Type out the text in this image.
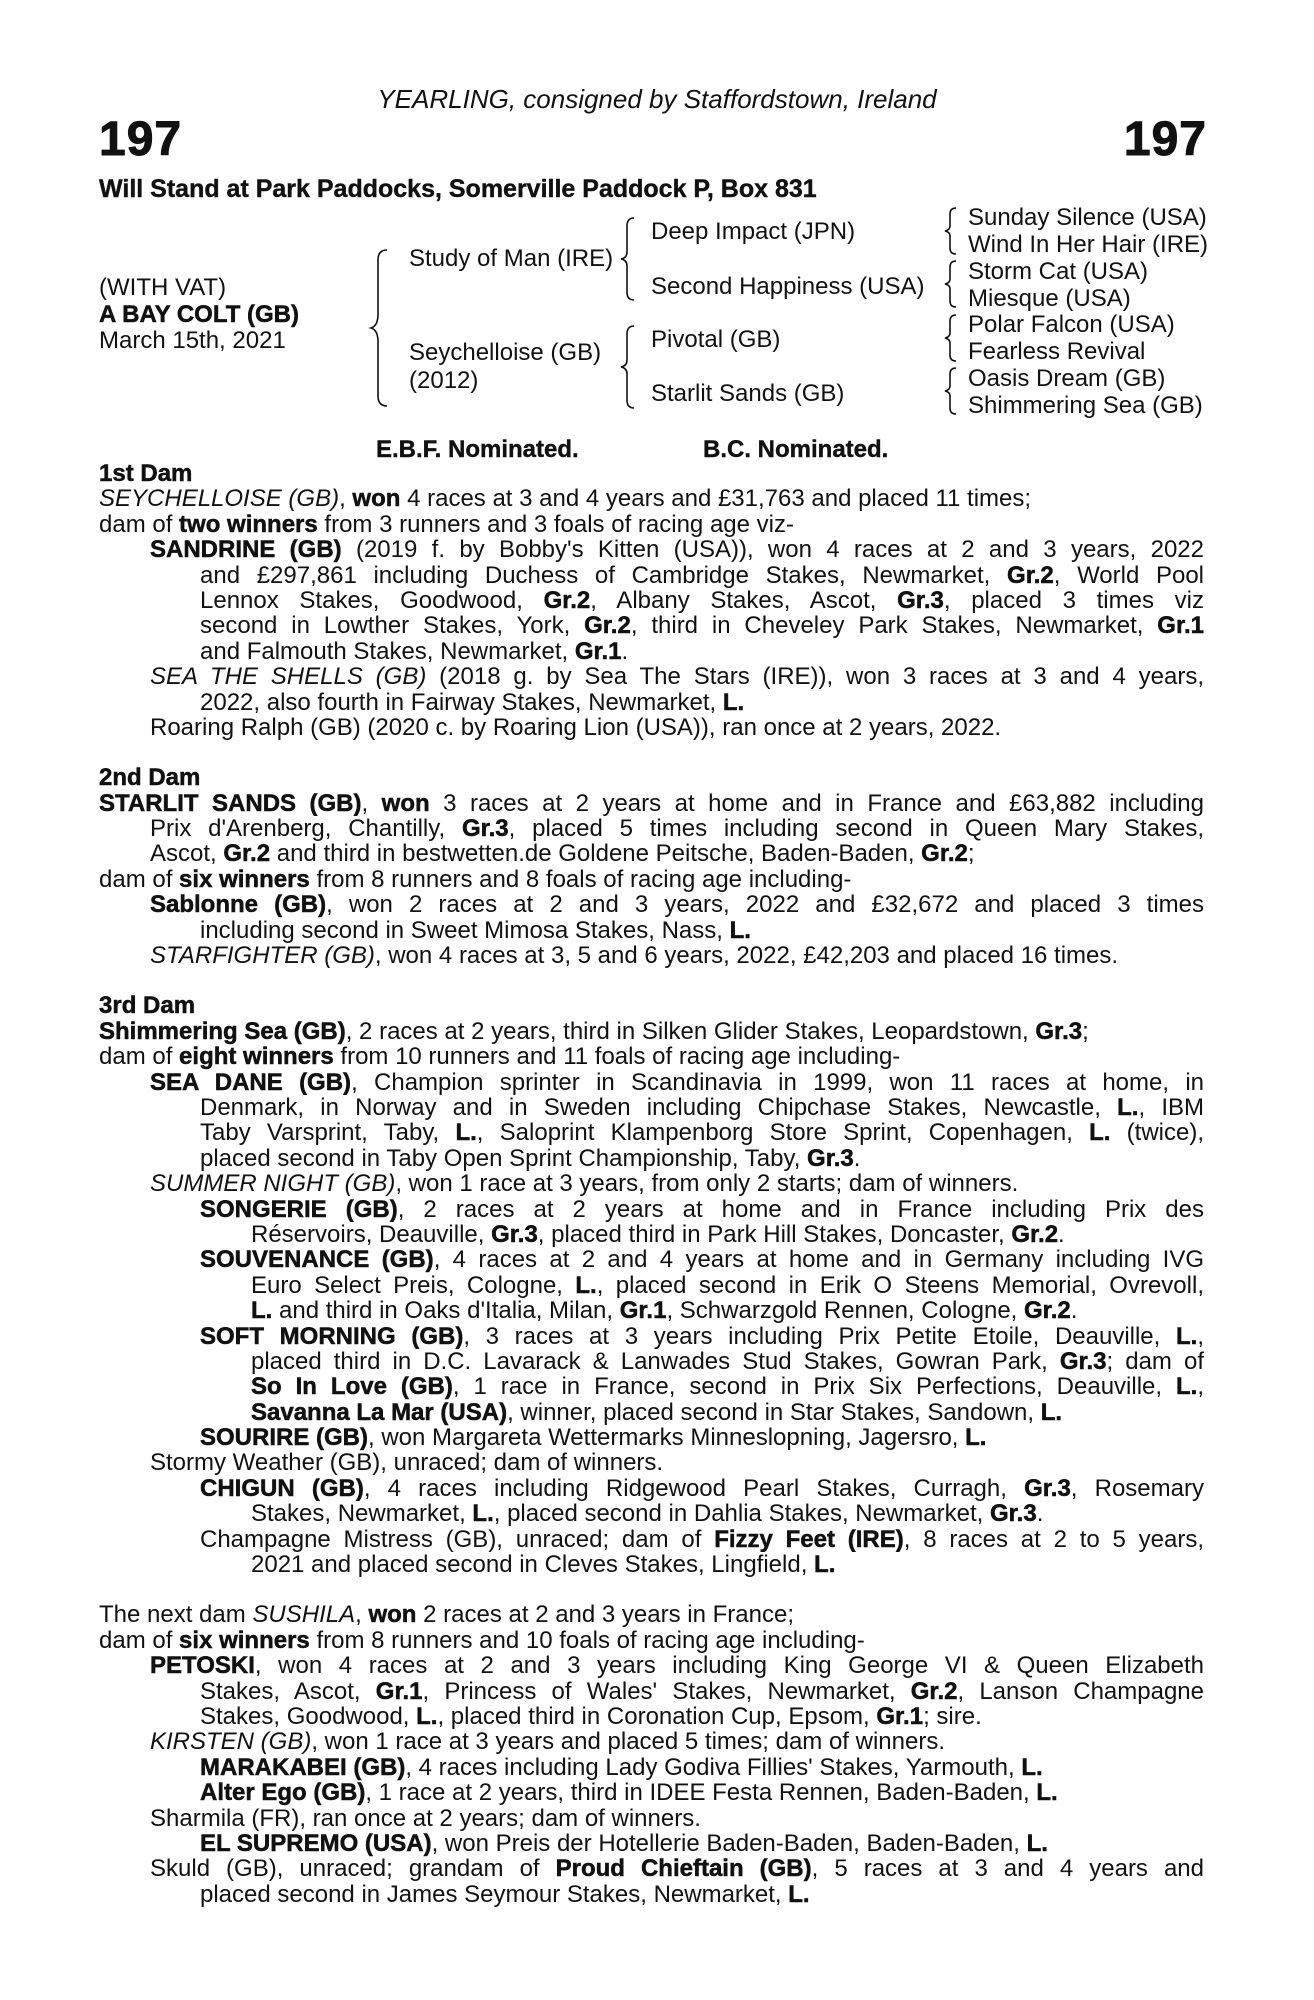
YEARLING, consigned by Staffordstown, Ireland
197	197
Will Stand at Park Paddocks, Somerville Paddock P, Box 831
(WITH VAT)
A BAY COLT (GB)
March 15th, 2021
Study of Man (IRE)
Seychelloise (GB)
(2012)
Deep Impact (JPN)
Second Happiness (USA)
Pivotal (GB)
Starlit Sands (GB)
Sunday Silence (USA)
Wind In Her Hair (IRE)
Storm Cat (USA)
Miesque (USA)
Polar Falcon (USA)
Fearless Revival
Oasis Dream (GB)
Shimmering Sea (GB)
E.B.F. Nominated.	B.C. Nominated.
1st Dam
SEYCHELLOISE (GB), won 4 races at 3 and 4 years and £31,763 and placed 11 times;
dam of two winners from 3 runners and 3 foals of racing age viz-
SANDRINE (GB) (2019 f. by Bobby's Kitten (USA)), won 4 races at 2 and 3 years, 2022
and £297,861 including Duchess of Cambridge Stakes, Newmarket, Gr.2, World Pool
Lennox Stakes, Goodwood, Gr.2, Albany Stakes, Ascot, Gr.3, placed 3 times viz
second in Lowther Stakes, York, Gr.2, third in Cheveley Park Stakes, Newmarket, Gr.1
and Falmouth Stakes, Newmarket, Gr.1.
SEA THE SHELLS (GB) (2018 g. by Sea The Stars (IRE)), won 3 races at 3 and 4 years,
2022, also fourth in Fairway Stakes, Newmarket, L.
Roaring Ralph (GB) (2020 c. by Roaring Lion (USA)), ran once at 2 years, 2022.
2nd Dam
STARLIT SANDS (GB), won 3 races at 2 years at home and in France and £63,882 including
Prix d'Arenberg, Chantilly, Gr.3, placed 5 times including second in Queen Mary Stakes,
Ascot, Gr.2 and third in bestwetten.de Goldene Peitsche, Baden-Baden, Gr.2;
dam of six winners from 8 runners and 8 foals of racing age including-
Sablonne (GB), won 2 races at 2 and 3 years, 2022 and £32,672 and placed 3 times
including second in Sweet Mimosa Stakes, Nass, L.
STARFIGHTER (GB), won 4 races at 3, 5 and 6 years, 2022, £42,203 and placed 16 times.
3rd Dam
Shimmering Sea (GB), 2 races at 2 years, third in Silken Glider Stakes, Leopardstown, Gr.3;
dam of eight winners from 10 runners and 11 foals of racing age including-
SEA DANE (GB), Champion sprinter in Scandinavia in 1999, won 11 races at home, in
Denmark, in Norway and in Sweden including Chipchase Stakes, Newcastle, L., IBM
Taby Varsprint, Taby, L., Saloprint Klampenborg Store Sprint, Copenhagen, L. (twice),
placed second in Taby Open Sprint Championship, Taby, Gr.3.
SUMMER NIGHT (GB), won 1 race at 3 years, from only 2 starts; dam of winners.
SONGERIE (GB), 2 races at 2 years at home and in France including Prix des
Réservoirs, Deauville, Gr.3, placed third in Park Hill Stakes, Doncaster, Gr.2.
SOUVENANCE (GB), 4 races at 2 and 4 years at home and in Germany including IVG
Euro Select Preis, Cologne, L., placed second in Erik O Steens Memorial, Ovrevoll,
L. and third in Oaks d'Italia, Milan, Gr.1, Schwarzgold Rennen, Cologne, Gr.2.
SOFT MORNING (GB), 3 races at 3 years including Prix Petite Etoile, Deauville, L.,
placed third in D.C. Lavarack & Lanwades Stud Stakes, Gowran Park, Gr.3; dam of
So In Love (GB), 1 race in France, second in Prix Six Perfections, Deauville, L.,
Savanna La Mar (USA), winner, placed second in Star Stakes, Sandown, L.
SOURIRE (GB), won Margareta Wettermarks Minneslopning, Jagersro, L.
Stormy Weather (GB), unraced; dam of winners.
CHIGUN (GB), 4 races including Ridgewood Pearl Stakes, Curragh, Gr.3, Rosemary
Stakes, Newmarket, L., placed second in Dahlia Stakes, Newmarket, Gr.3.
Champagne Mistress (GB), unraced; dam of Fizzy Feet (IRE), 8 races at 2 to 5 years,
2021 and placed second in Cleves Stakes, Lingfield, L.
The next dam SUSHILA, won 2 races at 2 and 3 years in France;
dam of six winners from 8 runners and 10 foals of racing age including-
PETOSKI, won 4 races at 2 and 3 years including King George VI & Queen Elizabeth
Stakes, Ascot, Gr.1, Princess of Wales' Stakes, Newmarket, Gr.2, Lanson Champagne
Stakes, Goodwood, L., placed third in Coronation Cup, Epsom, Gr.1; sire.
KIRSTEN (GB), won 1 race at 3 years and placed 5 times; dam of winners.
MARAKABEI (GB), 4 races including Lady Godiva Fillies' Stakes, Yarmouth, L.
Alter Ego (GB), 1 race at 2 years, third in IDEE Festa Rennen, Baden-Baden, L.
Sharmila (FR), ran once at 2 years; dam of winners.
EL SUPREMO (USA), won Preis der Hotellerie Baden-Baden, Baden-Baden, L.
Skuld (GB), unraced; grandam of Proud Chieftain (GB), 5 races at 3 and 4 years and
placed second in James Seymour Stakes, Newmarket, L.
